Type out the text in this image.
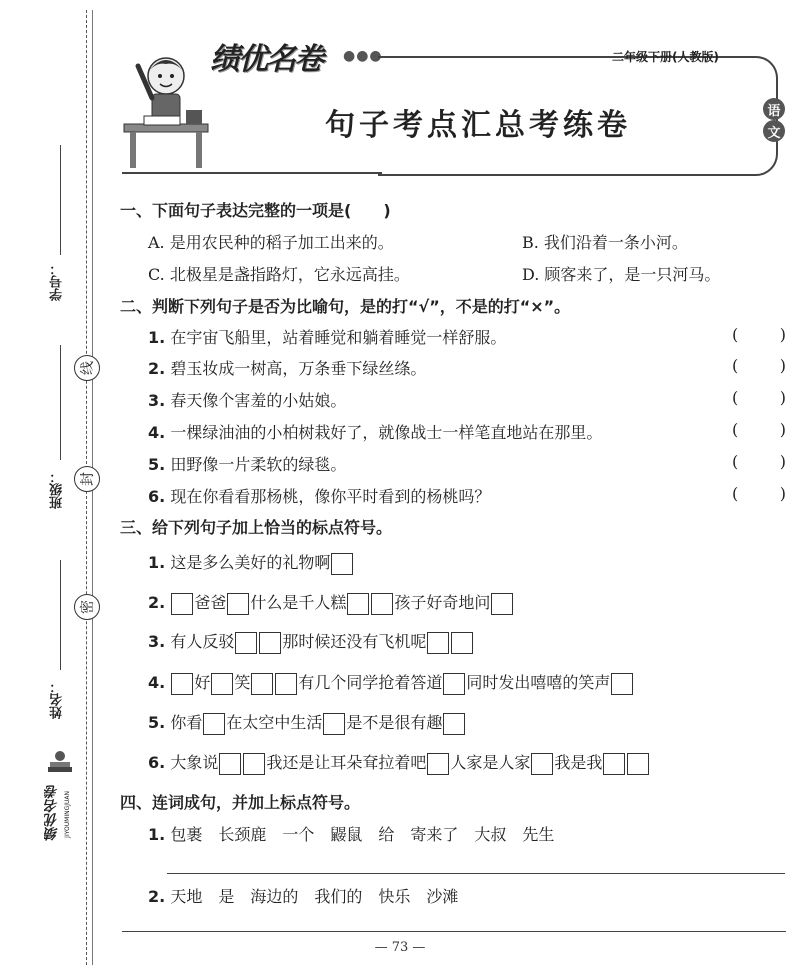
学号：
班级：
姓名：
线
封
密
绩优名卷 JIYOUMINGJUAN
绩优名卷 ●●●	二年级下册(人教版)
句子考点汇总考练卷	语
文
一、下面句子表达完整的一项是(　　)
A. 是用农民种的稻子加工出来的。	B. 我们沿着一条小河。
C. 北极星是盏指路灯，它永远高挂。	D. 顾客来了，是一只河马。
二、判断下列句子是否为比喻句，是的打“√”，不是的打“×”。
1. 在宇宙飞船里，站着睡觉和躺着睡觉一样舒服。	(	)
2. 碧玉妆成一树高，万条垂下绿丝绦。	(	)
3. 春天像个害羞的小姑娘。	(	)
4. 一棵绿油油的小柏树栽好了，就像战士一样笔直地站在那里。	(	)
5. 田野像一片柔软的绿毯。	(	)
6. 现在你看看那杨桃，像你平时看到的杨桃吗？	(	)
三、给下列句子加上恰当的标点符号。
1. 这是多么美好的礼物啊
2. 爸爸 什么是千人糕	孩子好奇地问
3. 有人反驳	那时候还没有飞机呢
4. 好 笑	有几个同学抢着答道 同时发出嘻嘻的笑声
5. 你看 在太空中生活 是不是很有趣
6. 大象说	我还是让耳朵耷拉着吧 人家是人家 我是我
四、连词成句，并加上标点符号。
1. 包裹　长颈鹿　一个　鼹鼠　给　寄来了　大叔　先生
2. 天地　是　海边的　我们的　快乐　沙滩
— 73 —
